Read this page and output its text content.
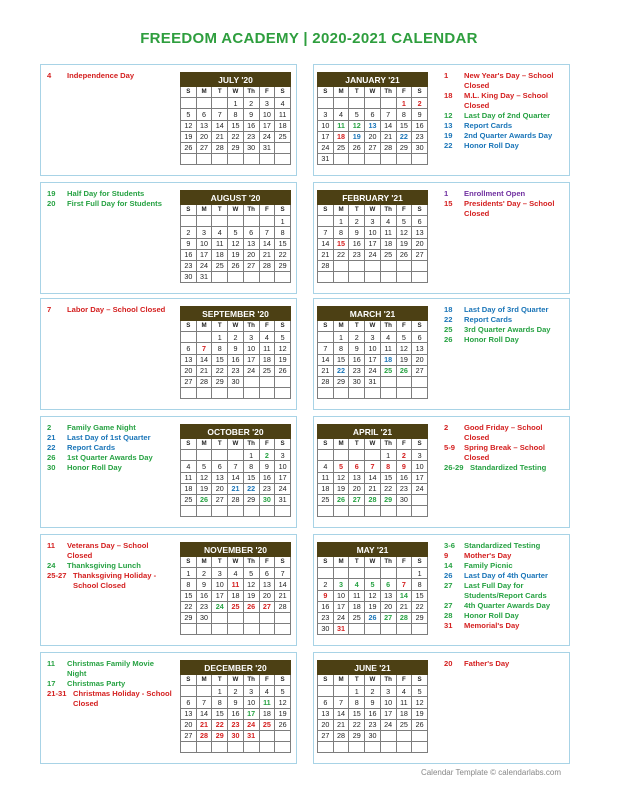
FREEDOM ACADEMY | 2020-2021 CALENDAR
JULY '20						
S	M	T	W	Th	F	S
			1	2	3	4
5	6	7	8	9	10	11
12	13	14	15	16	17	18
19	20	21	22	23	24	25
26	27	28	29	30	31	

JANUARY '21						
S	M	T	W	Th	F	S
					1	2
3	4	5	6	7	8	9
10	11	12	13	14	15	16
17	18	19	20	21	22	23
24	25	26	27	28	29	30
31						
4	Independence Day	1	New Year's Day – School Closed
18	M.L. King Day – School Closed
12	Last Day of 2nd Quarter
13	Report Cards
19	2nd Quarter Awards Day
22	Honor Roll Day
AUGUST '20						
S	M	T	W	Th	F	S
						1
2	3	4	5	6	7	8
9	10	11	12	13	14	15
16	17	18	19	20	21	22
23	24	25	26	27	28	29
30	31					
FEBRUARY '21						
S	M	T	W	Th	F	S
	1	2	3	4	5	6
7	8	9	10	11	12	13
14	15	16	17	18	19	20
21	22	23	24	25	26	27
28						

19	Half Day for Students
20	First Full Day for Students
1	Enrollment Open
15	Presidents' Day – School Closed
SEPTEMBER '20						
S	M	T	W	Th	F	S
		1	2	3	4	5
6	7	8	9	10	11	12
13	14	15	16	17	18	19
20	21	22	23	24	25	26
27	28	29	30			

MARCH '21						
S	M	T	W	Th	F	S
	1	2	3	4	5	6
7	8	9	10	11	12	13
14	15	16	17	18	19	20
21	22	23	24	25	26	27
28	29	30	31			

7	Labor Day – School Closed	18	Last Day of 3rd Quarter
22	Report Cards
25	3rd Quarter Awards Day
26	Honor Roll Day
OCTOBER '20						
S	M	T	W	Th	F	S
				1	2	3
4	5	6	7	8	9	10
11	12	13	14	15	16	17
18	19	20	21	22	23	24
25	26	27	28	29	30	31

APRIL '21						
S	M	T	W	Th	F	S
				1	2	3
4	5	6	7	8	9	10
11	12	13	14	15	16	17
18	19	20	21	22	23	24
25	26	27	28	29	30	

2	Family Game Night
21	Last Day of 1st Quarter
22	Report Cards
26	1st Quarter Awards Day
30	Honor Roll Day
2	Good Friday – School Closed
5-9	Spring Break – School Closed
26-29 Standardized Testing
NOVEMBER '20						
S	M	T	W	Th	F	S
1	2	3	4	5	6	7
8	9	10	11	12	13	14
15	16	17	18	19	20	21
22	23	24	25	26	27	28
29	30					

MAY '21						
S	M	T	W	Th	F	S
						1
2	3	4	5	6	7	8
9	10	11	12	13	14	15
16	17	18	19	20	21	22
23	24	25	26	27	28	29
30	31					
11	Veterans Day – School Closed
24	Thanksgiving Lunch
25-27 Thanksgiving Holiday - School Closed
3-6	Standardized Testing
9	Mother's Day
14	Family Picnic
26	Last Day of 4th Quarter
27	Last Full Day for Students/Report Cards
27	4th Quarter Awards Day
28	Honor Roll Day
31	Memorial's Day
DECEMBER '20						
S	M	T	W	Th	F	S
		1	2	3	4	5
6	7	8	9	10	11	12
13	14	15	16	17	18	19
20	21	22	23	24	25	26
27	28	29	30	31		

JUNE '21						
S	M	T	W	Th	F	S
		1	2	3	4	5
6	7	8	9	10	11	12
13	14	15	16	17	18	19
20	21	22	23	24	25	26
27	28	29	30			

11	Christmas Family Movie Night
17	Christmas Party
21-31 Christmas Holiday - School Closed
20	Father's Day
Calendar Template © calendarlabs.com
